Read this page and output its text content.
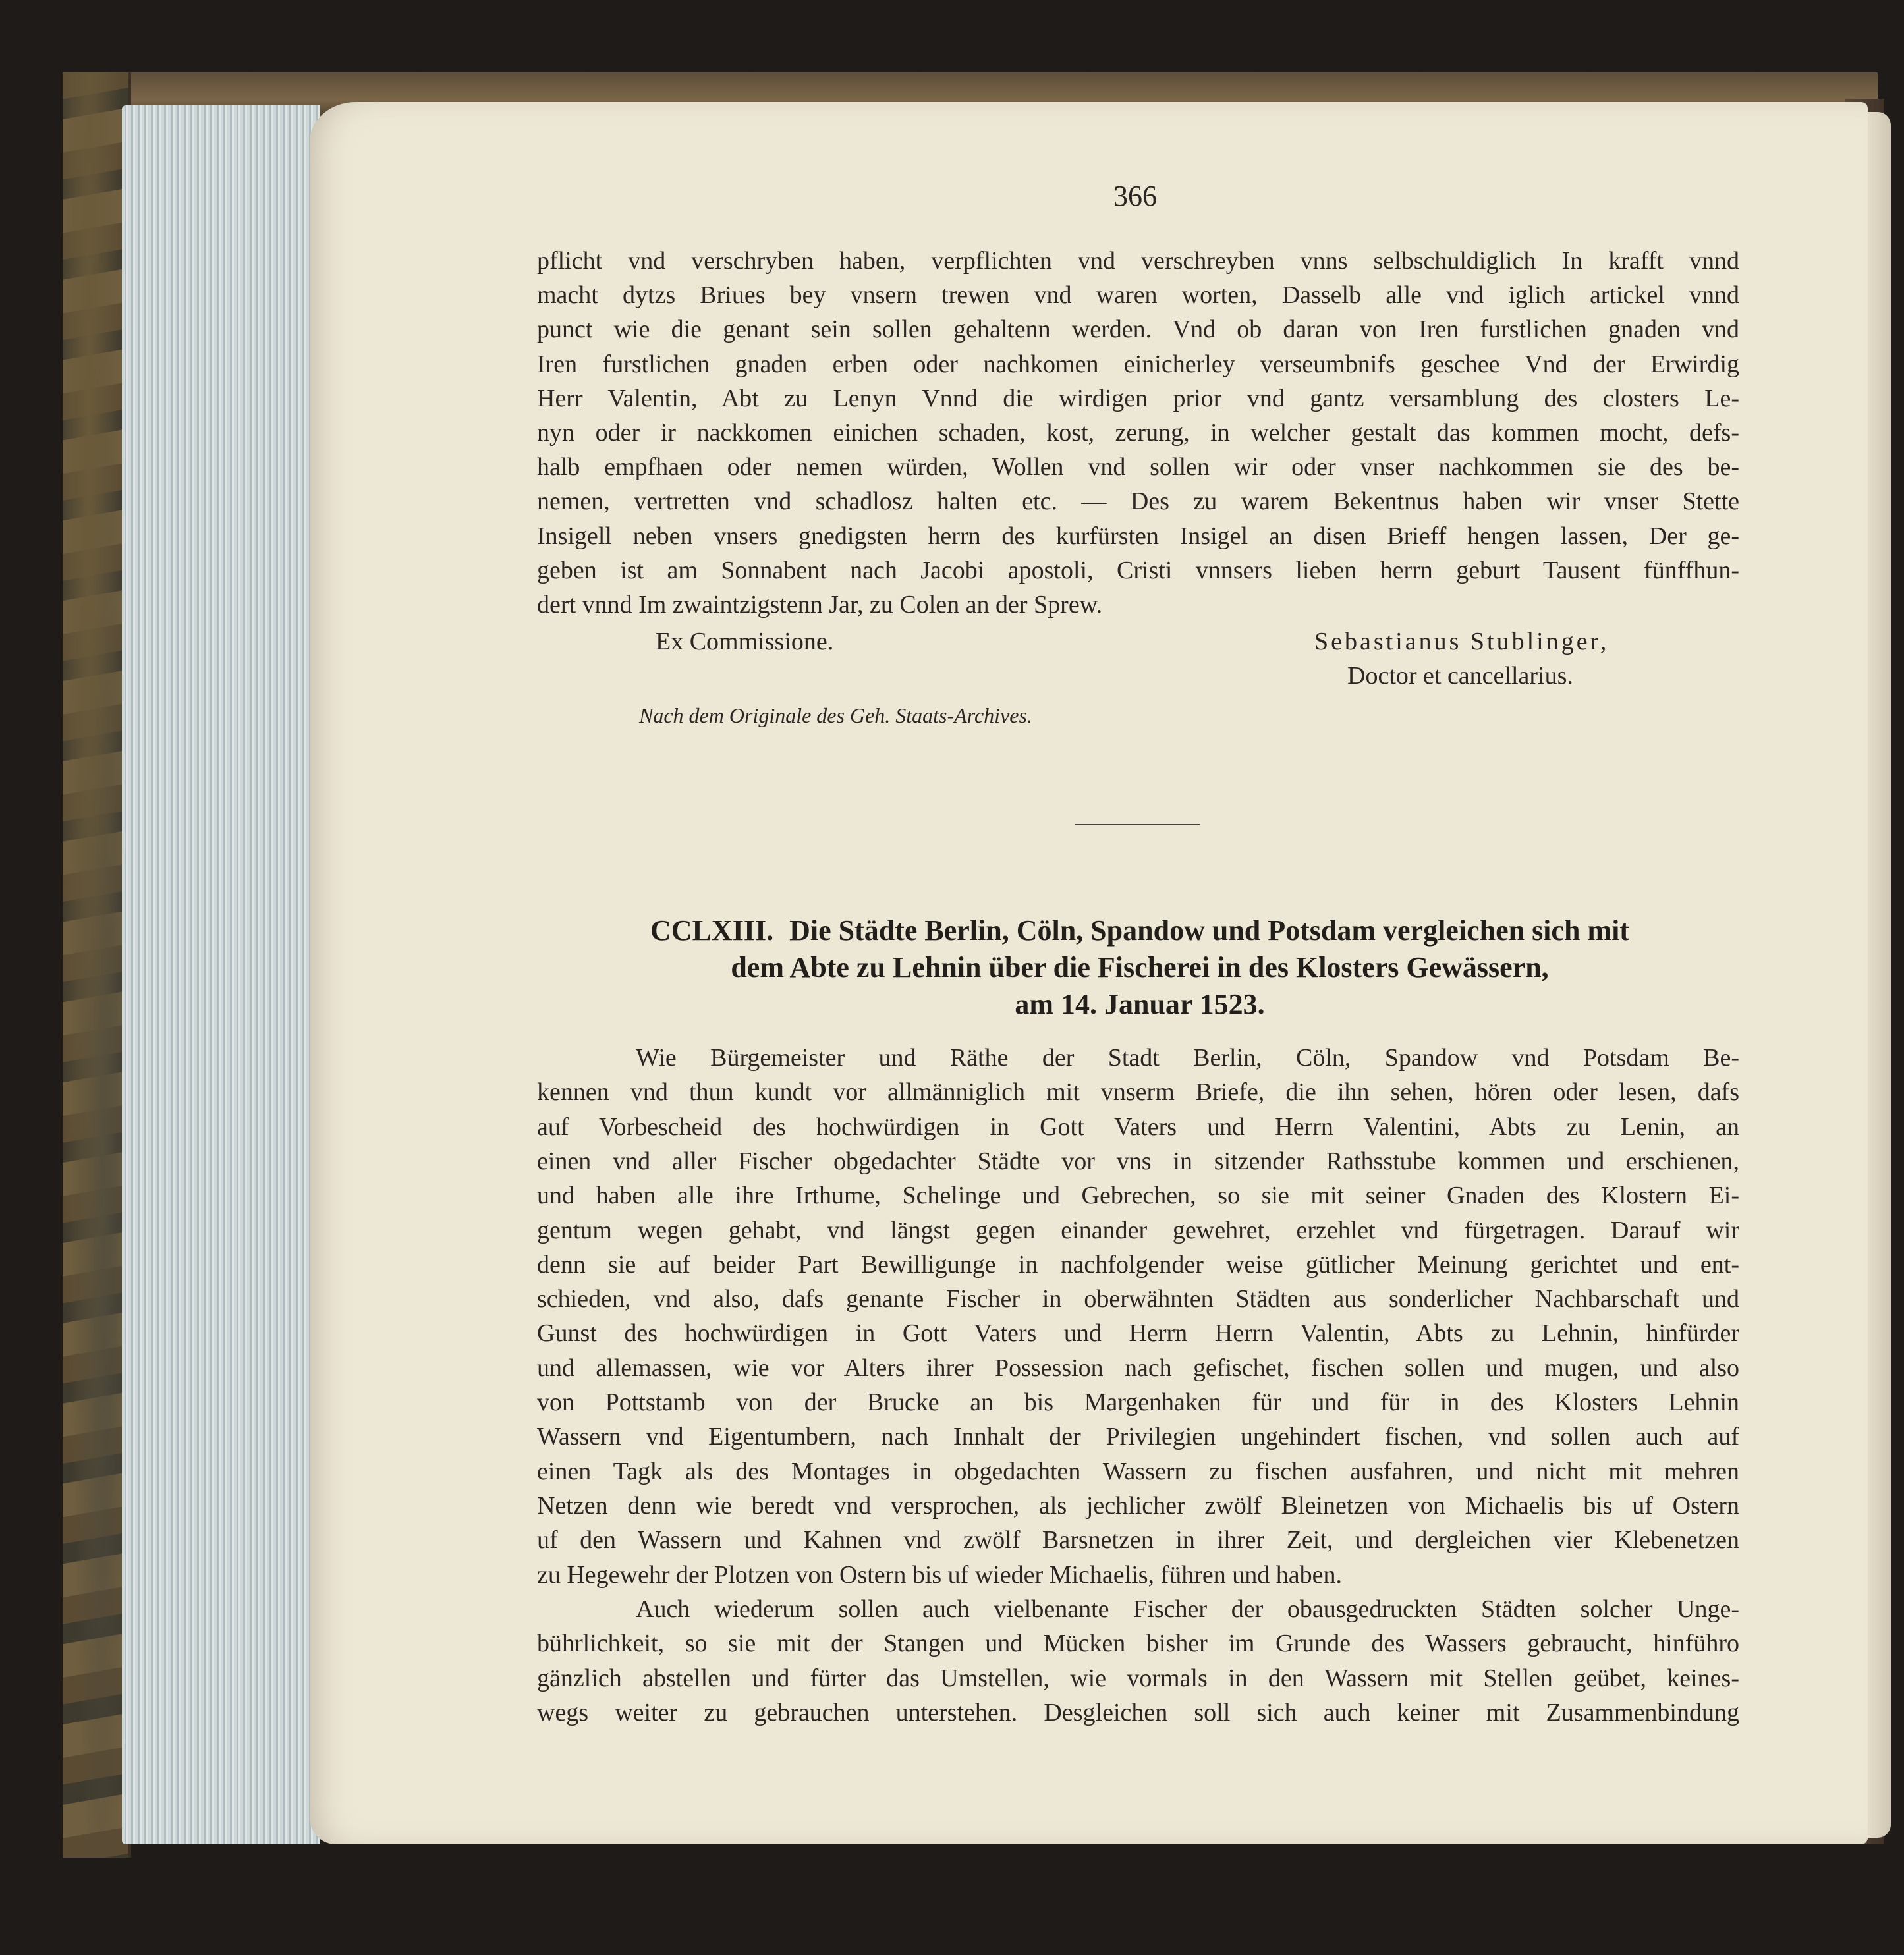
366
pflicht vnd verschryben haben, verpflichten vnd verschreyben vnns selbschuldiglich In krafft vnnd
macht dytzs Briues bey vnsern trewen vnd waren worten, Dasselb alle vnd iglich artickel vnnd
punct wie die genant sein sollen gehaltenn werden. Vnd ob daran von Iren furstlichen gnaden vnd
Iren furstlichen gnaden erben oder nachkomen einicherley verseumbnifs geschee Vnd der Erwirdig
Herr Valentin, Abt zu Lenyn Vnnd die wirdigen prior vnd gantz versamblung des closters Le-
nyn oder ir nackkomen einichen schaden, kost, zerung, in welcher gestalt das kommen mocht, defs-
halb empfhaen oder nemen würden, Wollen vnd sollen wir oder vnser nachkommen sie des be-
nemen, vertretten vnd schadlosz halten etc. — Des zu warem Bekentnus haben wir vnser Stette
Insigell neben vnsers gnedigsten herrn des kurfürsten Insigel an disen Brieff hengen lassen, Der ge-
geben ist am Sonnabent nach Jacobi apostoli, Cristi vnnsers lieben herrn geburt Tausent fünffhun-
dert vnnd Im zwaintzigstenn Jar, zu Colen an der Sprew.
Ex Commissione.	Sebastianus Stublinger,
Doctor et cancellarius.
Nach dem Originale des Geh. Staats-Archives.
CCLXIII. Die Städte Berlin, Cöln, Spandow und Potsdam vergleichen sich mit
dem Abte zu Lehnin über die Fischerei in des Klosters Gewässern,
am 14. Januar 1523.
Wie Bürgemeister und Räthe der Stadt Berlin, Cöln, Spandow vnd Potsdam Be-
kennen vnd thun kundt vor allmänniglich mit vnserm Briefe, die ihn sehen, hören oder lesen, dafs
auf Vorbescheid des hochwürdigen in Gott Vaters und Herrn Valentini, Abts zu Lenin, an
einen vnd aller Fischer obgedachter Städte vor vns in sitzender Rathsstube kommen und erschienen,
und haben alle ihre Irthume, Schelinge und Gebrechen, so sie mit seiner Gnaden des Klostern Ei-
gentum wegen gehabt, vnd längst gegen einander gewehret, erzehlet vnd fürgetragen. Darauf wir
denn sie auf beider Part Bewilligunge in nachfolgender weise gütlicher Meinung gerichtet und ent-
schieden, vnd also, dafs genante Fischer in oberwähnten Städten aus sonderlicher Nachbarschaft und
Gunst des hochwürdigen in Gott Vaters und Herrn Herrn Valentin, Abts zu Lehnin, hinfürder
und allemassen, wie vor Alters ihrer Possession nach gefischet, fischen sollen und mugen, und also
von Pottstamb von der Brucke an bis Margenhaken für und für in des Klosters Lehnin
Wassern vnd Eigentumbern, nach Innhalt der Privilegien ungehindert fischen, vnd sollen auch auf
einen Tagk als des Montages in obgedachten Wassern zu fischen ausfahren, und nicht mit mehren
Netzen denn wie beredt vnd versprochen, als jechlicher zwölf Bleinetzen von Michaelis bis uf Ostern
uf den Wassern und Kahnen vnd zwölf Barsnetzen in ihrer Zeit, und dergleichen vier Klebenetzen
zu Hegewehr der Plotzen von Ostern bis uf wieder Michaelis, führen und haben.
Auch wiederum sollen auch vielbenante Fischer der obausgedruckten Städten solcher Unge-
bührlichkeit, so sie mit der Stangen und Mücken bisher im Grunde des Wassers gebraucht, hinführo
gänzlich abstellen und fürter das Umstellen, wie vormals in den Wassern mit Stellen geübet, keines-
wegs weiter zu gebrauchen unterstehen. Desgleichen soll sich auch keiner mit Zusammenbindung
